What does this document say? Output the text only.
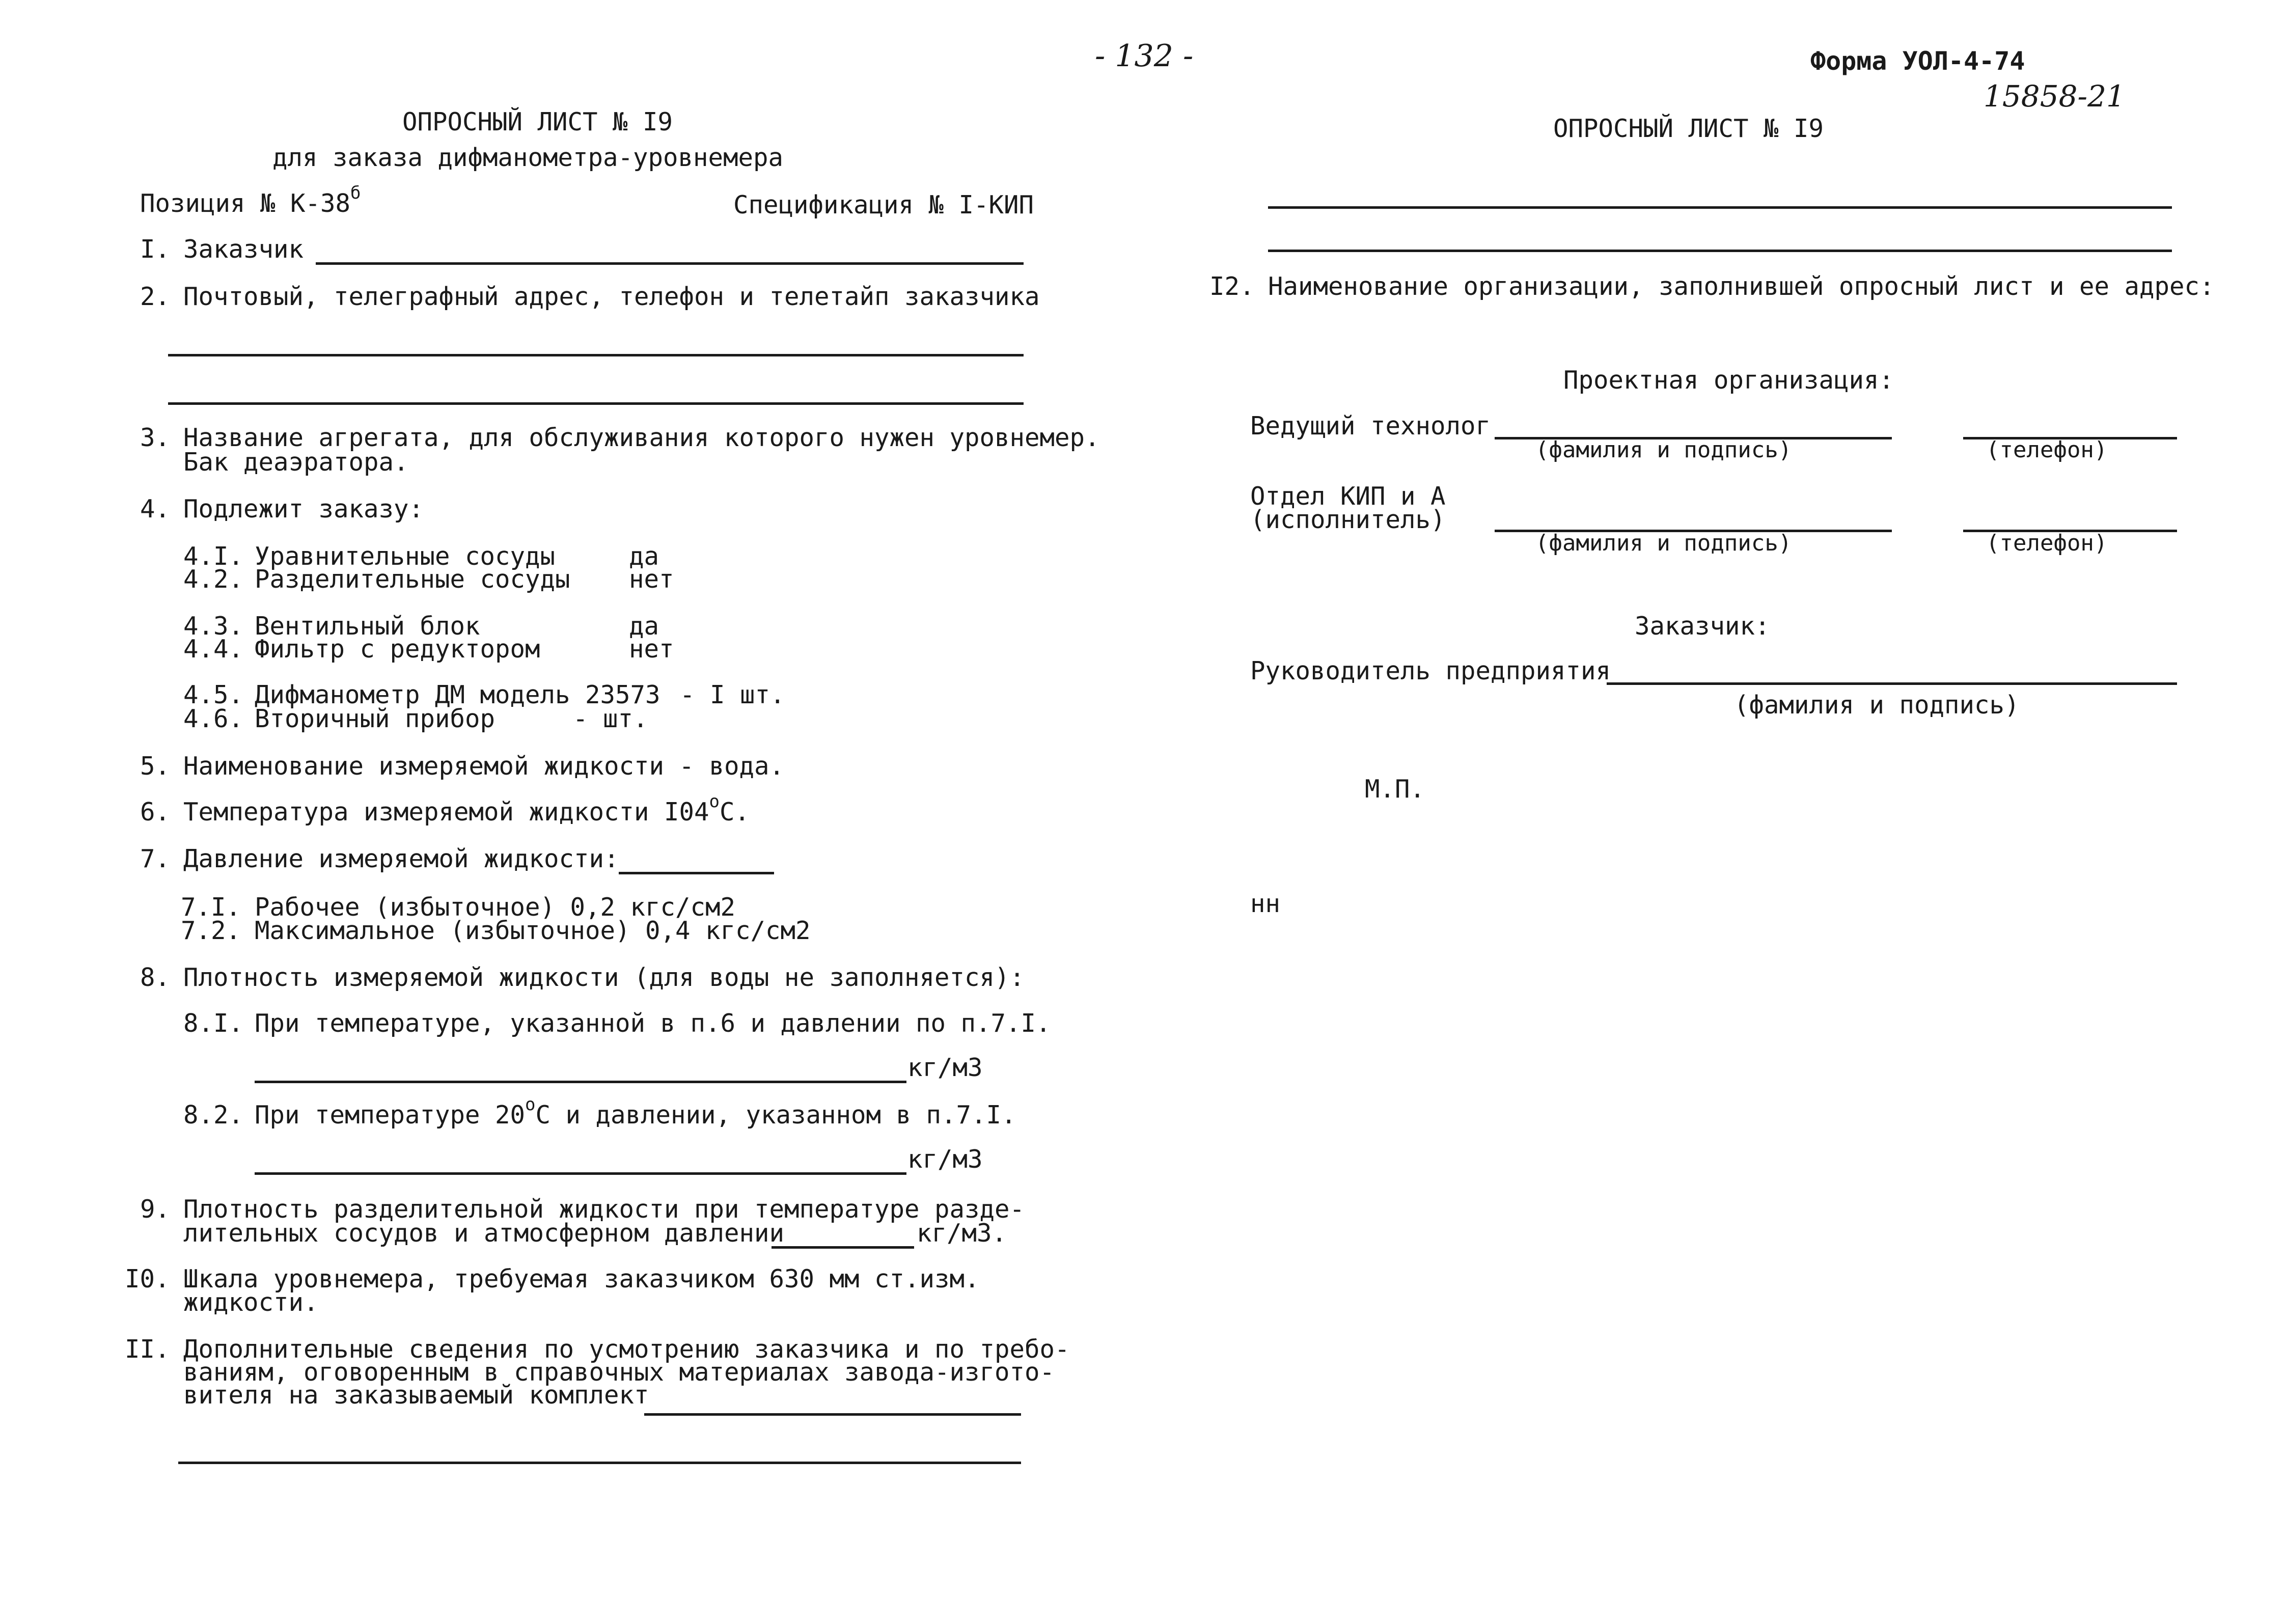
- 132 -	Форма УОЛ-4-74
15858-21
ОПРОСНЫЙ ЛИСТ № I9
для заказа дифманометра-уровнемера
Позиция № $К-38^б$	Спецификация № I-КИП
I. Заказчик
2. Почтовый, телеграфный адрес, телефон и телетайп заказчика
3. Название агрегата, для обслуживания которого нужен уровнемер.
Бак деаэратора.
4. Подлежит заказу:
4.I. Уравнительные сосуды	да
4.2. Разделительные сосуды нет
4.3. Вентильный блок	да
4.4. Фильтр с редуктором	нет
4.5. Дифманометр ДМ модель 23573 - I шт.
4.6. Вторичный прибор	- шт.
5. Наименование измеряемой жидкости - вода.
6. Температура измеряемой жидкости $I04^оС$.
7. Давление измеряемой жидкости:
7.I. Рабочее (избыточное) 0,2 кгс/см2
7.2. Максимальное (избыточное) 0,4 кгс/см2
8. Плотность измеряемой жидкости (для воды не заполняется):
8.I. При температуре, указанной в п.6 и давлении по п.7.I.
кг/м3
8.2. При температуре $20^оС$ и давлении, указанном в п.7.I.
кг/м3
9. Плотность разделительной жидкости при температуре разде-
лительных сосудов и атмосферном давлении	кг/м3.
I0. Шкала уровнемера, требуемая заказчиком 630 мм ст.изм.
жидкости.
II. Дополнительные сведения по усмотрению заказчика и по требо-
ваниям, оговоренным в справочных материалах завода-изгото-
вителя на заказываемый комплект
ОПРОСНЫЙ ЛИСТ № I9
I2. Наименование организации, заполнившей опросный лист и ее адрес:
Проектная организация:
Ведущий технолог
(фамилия и подпись)	(телефон)
Отдел КИП и А
(исполнитель)
(фамилия и подпись)	(телефон)
Заказчик:
Руководитель предприятия
(фамилия и подпись)
М.П.
нн
